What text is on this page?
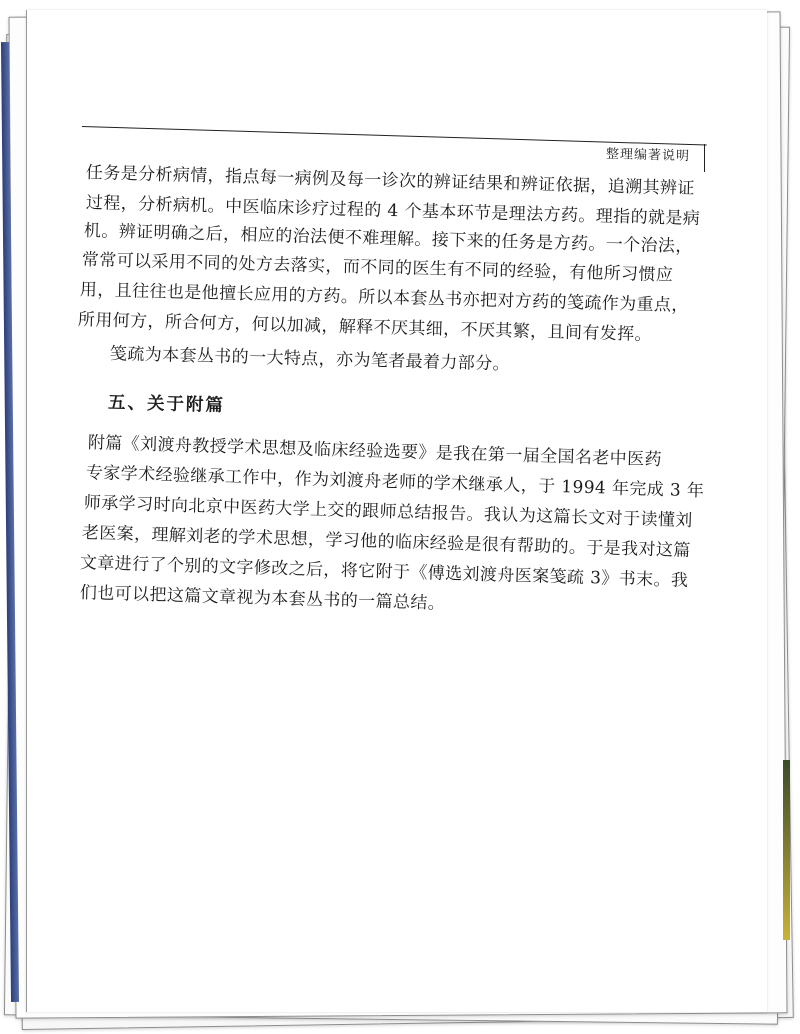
整理编著说明
任务是分析病情，指点每一病例及每一诊次的辨证结果和辨证依据，追溯其辨证
过程，分析病机。中医临床诊疗过程的 4 个基本环节是理法方药。理指的就是病
机。辨证明确之后，相应的治法便不难理解。接下来的任务是方药。一个治法，
常常可以采用不同的处方去落实，而不同的医生有不同的经验，有他所习惯应
用，且往往也是他擅长应用的方药。所以本套丛书亦把对方药的笺疏作为重点，
所用何方，所合何方，何以加减，解释不厌其细，不厌其繁，且间有发挥。
笺疏为本套丛书的一大特点，亦为笔者最着力部分。
五、关于附篇
附篇《刘渡舟教授学术思想及临床经验选要》是我在第一届全国名老中医药
专家学术经验继承工作中，作为刘渡舟老师的学术继承人，于 1994 年完成 3 年
师承学习时向北京中医药大学上交的跟师总结报告。我认为这篇长文对于读懂刘
老医案，理解刘老的学术思想，学习他的临床经验是很有帮助的。于是我对这篇
文章进行了个别的文字修改之后，将它附于《傅选刘渡舟医案笺疏 3》书末。我
们也可以把这篇文章视为本套丛书的一篇总结。
